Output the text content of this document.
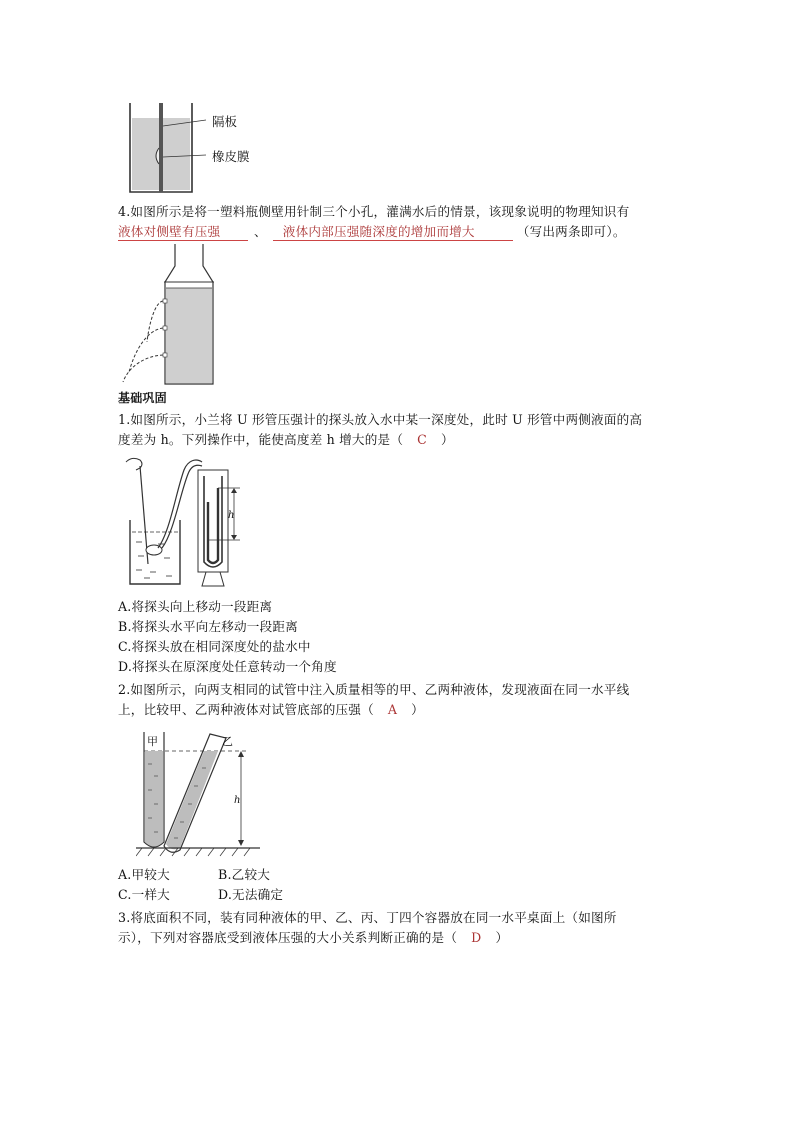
隔板
橡皮膜
4.如图所示是将一塑料瓶侧壁用针制三个小孔，灌满水后的情景，该现象说明的物理知识有
液体对侧壁有压强	、 液体内部压强随深度的增加而增大	（写出两条即可）。
基础巩固
1.如图所示，小兰将 U 形管压强计的探头放入水中某一深度处，此时 U 形管中两侧液面的高
度差为 h。下列操作中，能使高度差 h 增大的是（ C ）
h
A.将探头向上移动一段距离
B.将探头水平向左移动一段距离
C.将探头放在相同深度处的盐水中
D.将探头在原深度处任意转动一个角度
2.如图所示，向两支相同的试管中注入质量相等的甲、乙两种液体，发现液面在同一水平线
上，比较甲、乙两种液体对试管底部的压强（ A ）
甲	乙
h
A.甲较大	B.乙较大
C.一样大	D.无法确定
3.将底面积不同，装有同种液体的甲、乙、丙、丁四个容器放在同一水平桌面上（如图所
示），下列对容器底受到液体压强的大小关系判断正确的是（ D ）
